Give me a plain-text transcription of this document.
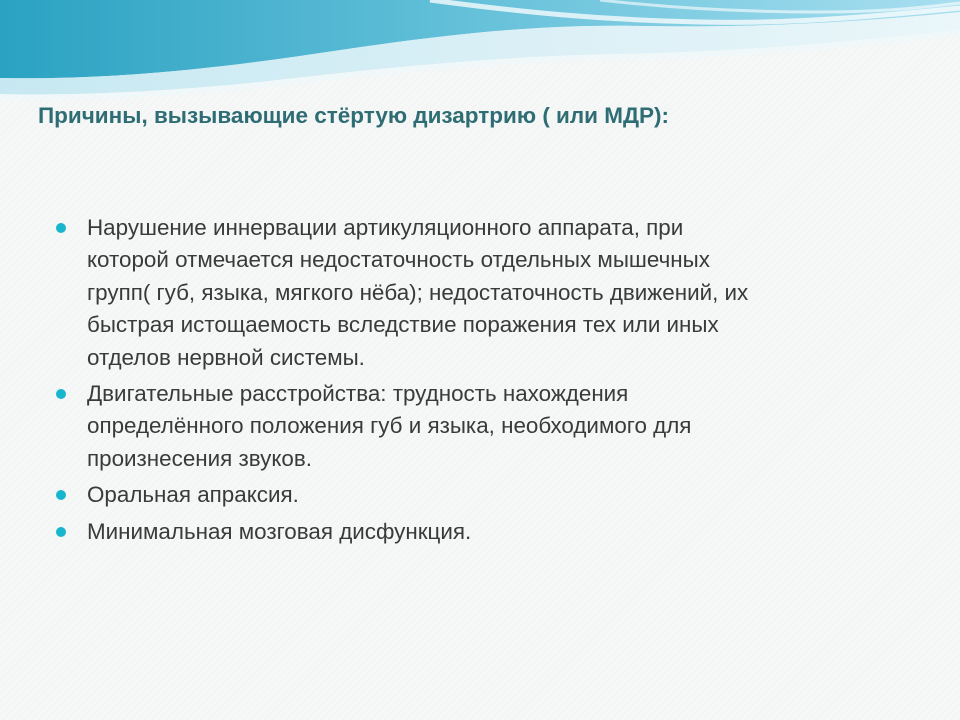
Причины, вызывающие стёртую дизартрию ( или МДР):
Нарушение иннервации артикуляционного аппарата, при
которой отмечается недостаточность отдельных мышечных
групп( губ, языка, мягкого нёба); недостаточность движений, их
быстрая истощаемость вследствие поражения тех или иных
отделов нервной системы.
Двигательные расстройства: трудность нахождения
определённого положения губ и языка, необходимого для
произнесения звуков.
Оральная апраксия.
Минимальная мозговая дисфункция.
